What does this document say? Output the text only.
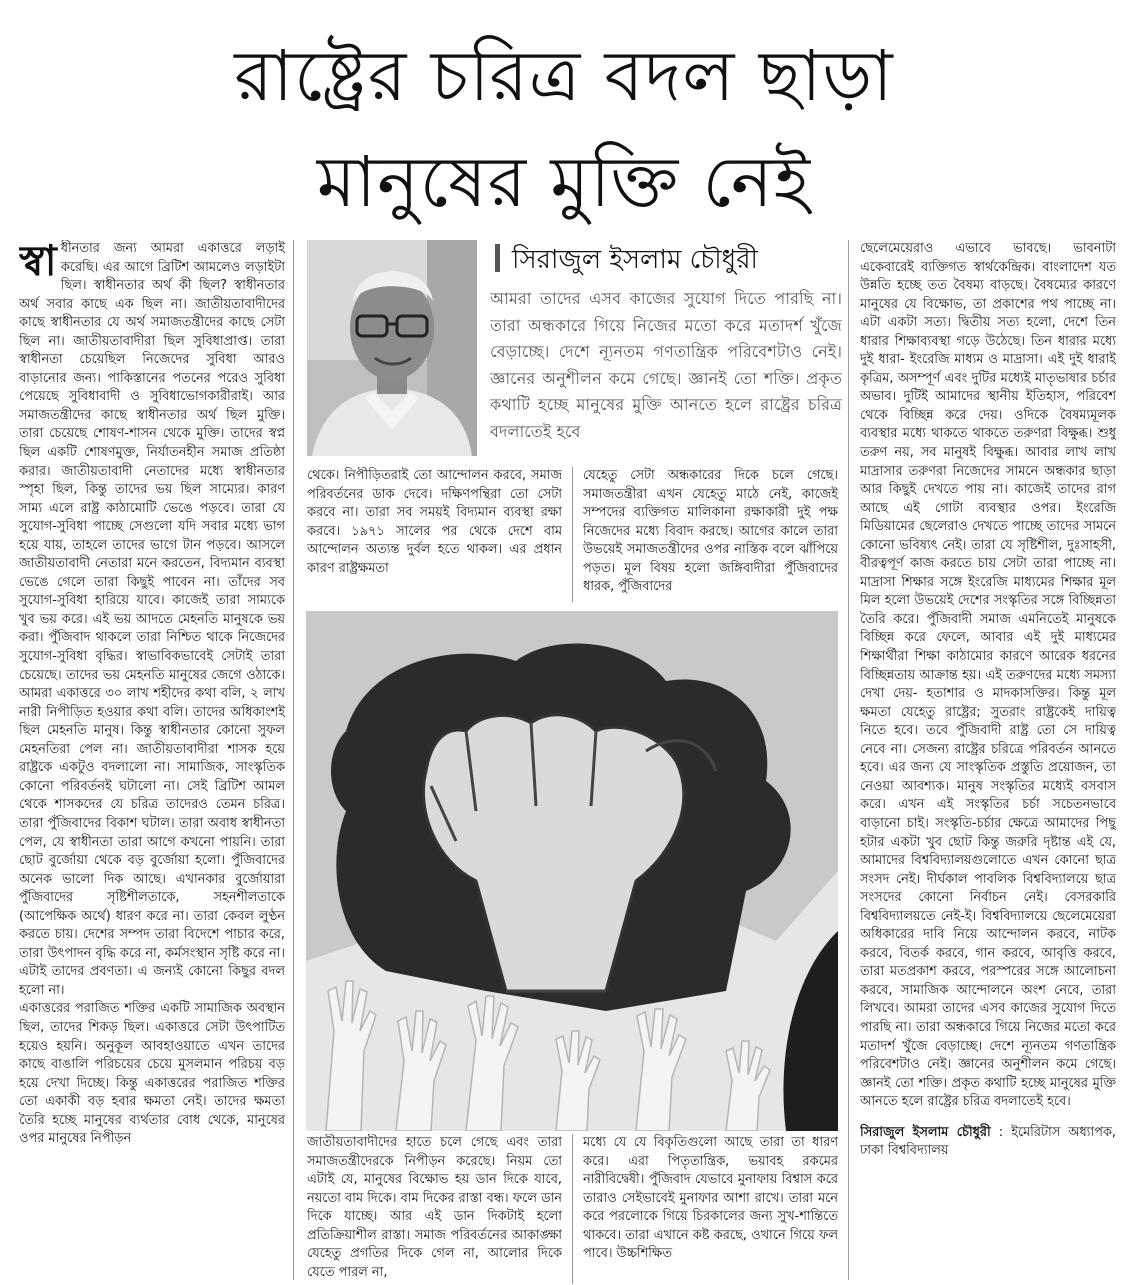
রাষ্ট্রের চরিত্র বদল ছাড়া
মানুষের মুক্তি নেই

স্বা ধীনতার জন্য আমরা একাত্তরে লড়াই করেছি। এর আগে ব্রিটিশ আমলেও লড়াইটা ছিল। স্বাধীনতার অর্থ কী ছিল? স্বাধীনতার অর্থ সবার কাছে এক ছিল না। জাতীয়তাবাদীদের কাছে স্বাধীনতার যে অর্থ সমাজতন্ত্রীদের কাছে সেটা ছিল না। জাতীয়তাবাদীরা ছিল সুবিধাপ্রাপ্ত। তারা স্বাধীনতা চেয়েছিল নিজেদের সুবিধা আরও বাড়ানোর জন্য। পাকিস্তানের পতনের পরেও সুবিধা পেয়েছে সুবিধাবাদী ও সুবিধাভোগকারীরাই। আর সমাজতন্ত্রীদের কাছে স্বাধীনতার অর্থ ছিল মুক্তি। তারা চেয়েছে শোষণ-শাসন থেকে মুক্তি। তাদের স্বপ্ন ছিল একটি শোষণমুক্ত, নির্যাতনহীন সমাজ প্রতিষ্ঠা করার। জাতীয়তাবাদী নেতাদের মধ্যে স্বাধীনতার স্পৃহা ছিল, কিন্তু তাদের ভয় ছিল সাম্যের। কারণ সাম্য এলে রাষ্ট্র কাঠামোটি ভেঙে পড়বে। তারা যে সুযোগ-সুবিধা পাচ্ছে সেগুলো যদি সবার মধ্যে ভাগ হয়ে যায়, তাহলে তাদের ভাগে টান পড়বে। আসলে জাতীয়তাবাদী নেতারা মনে করতেন, বিদ্যমান ব্যবস্থা ভেঙে গেলে তারা কিছুই পাবেন না। তাঁদের সব সুযোগ-সুবিধা হারিয়ে যাবে। কাজেই তারা সাম্যকে খুব ভয় করে। এই ভয় আদতে মেহনতি মানুষকে ভয় করা। পুঁজিবাদ থাকলে তারা নিশ্চিত থাকে নিজেদের সুযোগ-সুবিধা বৃদ্ধির। স্বাভাবিকভাবেই সেটাই তারা চেয়েছে। তাদের ভয় মেহনতি মানুষের জেগে ওঠাকে। আমরা একাত্তরে ৩০ লাখ শহীদের কথা বলি, ২ লাখ নারী নিপীড়িত হওয়ার কথা বলি। তাদের অধিকাংশই ছিল মেহনতি মানুষ। কিন্তু স্বাধীনতার কোনো সুফল মেহনতিরা পেল না। জাতীয়তাবাদীরা শাসক হয়ে রাষ্ট্রকে একটুও বদলালো না। সামাজিক, সাংস্কৃতিক কোনো পরিবর্তনই ঘটালো না। সেই ব্রিটিশ আমল থেকে শাসকদের যে চরিত্র তাদেরও তেমন চরিত্র। তারা পুঁজিবাদের বিকাশ ঘটাল। তারা অবাধ স্বাধীনতা পেল, যে স্বাধীনতা তারা আগে কখনো পায়নি। তারা ছোট বুর্জোয়া থেকে বড় বুর্জোয়া হলো। পুঁজিবাদের অনেক ভালো দিক আছে। এখানকার বুর্জোয়ারা পুঁজিবাদের সৃষ্টিশীলতাকে, সহনশীলতাকে (আপেক্ষিক অর্থে) ধারণ করে না। তারা কেবল লুণ্ঠন করতে চায়। দেশের সম্পদ তারা বিদেশে পাচার করে, তারা উৎপাদন বৃদ্ধি করে না, কর্মসংস্থান সৃষ্টি করে না। এটাই তাদের প্রবণতা। এ জন্যই কোনো কিছুর বদল হলো না।

একাত্তরের পরাজিত শক্তির একটি সামাজিক অবস্থান ছিল, তাদের শিকড় ছিল। একাত্তরে সেটা উৎপাটিত হয়েও হয়নি। অনুকূল আবহাওয়াতে এখন তাদের কাছে বাঙালি পরিচয়ের চেয়ে মুসলমান পরিচয় বড় হয়ে দেখা দিচ্ছে। কিন্তু একাত্তরের পরাজিত শক্তির তো একাকী বড় হবার ক্ষমতা নেই। তাদের ক্ষমতা তৈরি হচ্ছে মানুষের ব্যর্থতার বোধ থেকে, মানুষের ওপর মানুষের নিপীড়ন

সিরাজুল ইসলাম চৌধুরী
আমরা তাদের এসব কাজের সুযোগ দিতে পারছি না। তারা অন্ধকারে গিয়ে নিজের মতো করে মতাদর্শ খুঁজে বেড়াচ্ছে। দেশে ন্যূনতম গণতান্ত্রিক পরিবেশটাও নেই। জ্ঞানের অনুশীলন কমে গেছে। জ্ঞানই তো শক্তি। প্রকৃত কথাটি হচ্ছে মানুষের মুক্তি আনতে হলে রাষ্ট্রের চরিত্র বদলাতেই হবে
থেকে। নিপীড়িতরাই তো আন্দোলন করবে, সমাজ পরিবর্তনের ডাক দেবে। দক্ষিণপন্থিরা তো সেটা করবে না। তারা সব সময়ই বিদ্যমান ব্যবস্থা রক্ষা করবে। ১৯৭১ সালের পর থেকে দেশে বাম আন্দোলন অত্যন্ত দুর্বল হতে থাকল। এর প্রধান কারণ রাষ্ট্রক্ষমতা
জাতীয়তাবাদীদের হাতে চলে গেছে এবং তারা সমাজতন্ত্রীদেরকে নিপীড়ন করেছে। নিয়ম তো এটাই যে, মানুষের বিক্ষোভ হয় ডান দিকে যাবে, নয়তো বাম দিকে। বাম দিকের রাস্তা বন্ধ। ফলে ডান দিকে যাচ্ছে। আর এই ডান দিকটাই হলো প্রতিক্রিয়াশীল রাস্তা। সমাজ পরিবর্তনের আকাঙ্ক্ষা যেহেতু প্রগতির দিকে গেল না, আলোর দিকে যেতে পারল না,
যেহেতু সেটা অন্ধকারের দিকে চলে গেছে। সমাজতন্ত্রীরা এখন যেহেতু মাঠে নেই, কাজেই সম্পদের ব্যক্তিগত মালিকানা রক্ষাকারী দুই পক্ষ নিজেদের মধ্যে বিবাদ করছে। আগের কালে তারা উভয়েই সমাজতন্ত্রীদের ওপর নাস্তিক বলে ঝাঁপিয়ে পড়ত। মূল বিষয় হলো জঙ্গিবাদীরা পুঁজিবাদের ধারক, পুঁজিবাদের
মধ্যে যে যে বিকৃতিগুলো আছে তারা তা ধারণ করে। এরা পিতৃতান্ত্রিক, ভয়াবহ রকমের নারীবিদ্বেষী। পুঁজিবাদ যেভাবে মুনাফায় বিশ্বাস করে তারাও সেইভাবেই মুনাফার আশা রাখে। তারা মনে করে পরলোকে গিয়ে চিরকালের জন্য সুখ-শান্তিতে থাকবে। তারা এখানে কষ্ট করছে, ওখানে গিয়ে ফল পাবে। উচ্চশিক্ষিত

ছেলেমেয়েরাও এভাবে ভাবছে। ভাবনাটা একেবারেই ব্যক্তিগত স্বার্থকেন্দ্রিক। বাংলাদেশ যত উন্নতি হচ্ছে তত বৈষম্য বাড়ছে। বৈষম্যের কারণে মানুষের যে বিক্ষোভ, তা প্রকাশের পথ পাচ্ছে না। এটা একটা সত্য। দ্বিতীয় সত্য হলো, দেশে তিন ধারার শিক্ষাব্যবস্থা গড়ে উঠেছে। তিন ধারার মধ্যে দুই ধারা- ইংরেজি মাধ্যম ও মাদ্রাসা। এই দুই ধারাই কৃত্রিম, অসম্পূর্ণ এবং দুটির মধ্যেই মাতৃভাষার চর্চার অভাব। দুটিই আমাদের স্থানীয় ইতিহাস, পরিবেশ থেকে বিচ্ছিন্ন করে দেয়। ওদিকে বৈষম্যমূলক ব্যবস্থার মধ্যে থাকতে থাকতে তরুণরা বিক্ষুব্ধ। শুধু তরুণ নয়, সব মানুষই বিক্ষুব্ধ। আবার লাখ লাখ মাদ্রাসার তরুণরা নিজেদের সামনে অন্ধকার ছাড়া আর কিছুই দেখতে পায় না। কাজেই তাদের রাগ আছে এই গোটা ব্যবস্থার ওপর। ইংরেজি মিডিয়ামের ছেলেরাও দেখতে পাচ্ছে তাদের সামনে কোনো ভবিষ্যৎ নেই। তারা যে সৃষ্টিশীল, দুঃসাহসী, বীরত্বপূর্ণ কাজ করতে চায় সেটা তারা পাচ্ছে না। মাদ্রাসা শিক্ষার সঙ্গে ইংরেজি মাধ্যমের শিক্ষার মূল মিল হলো উভয়েই দেশের সংস্কৃতির সঙ্গে বিচ্ছিন্নতা তৈরি করে। পুঁজিবাদী সমাজ এমনিতেই মানুষকে বিচ্ছিন্ন করে ফেলে, আবার এই দুই মাধ্যমের শিক্ষার্থীরা শিক্ষা কাঠামোর কারণে আরেক ধরনের বিচ্ছিন্নতায় আক্রান্ত হয়। এই তরুণদের মধ্যে সমস্যা দেখা দেয়- হতাশার ও মাদকাসক্তির। কিন্তু মূল ক্ষমতা যেহেতু রাষ্ট্রের; সুতরাং রাষ্ট্রকেই দায়িত্ব নিতে হবে। তবে পুঁজিবাদী রাষ্ট্র তো সে দায়িত্ব নেবে না। সেজন্য রাষ্ট্রের চরিত্রে পরিবর্তন আনতে হবে। এর জন্য যে সাংস্কৃতিক প্রস্তুতি প্রয়োজন, তা নেওয়া আবশ্যক। মানুষ সংস্কৃতির মধ্যেই বসবাস করে। এখন এই সংস্কৃতির চর্চা সচেতনভাবে বাড়ানো চাই। সংস্কৃতি-চর্চার ক্ষেত্রে আমাদের পিছু হটার একটা খুব ছোট কিন্তু জরুরি দৃষ্টান্ত এই যে, আমাদের বিশ্ববিদ্যালয়গুলোতে এখন কোনো ছাত্র সংসদ নেই। দীর্ঘকাল পাবলিক বিশ্ববিদ্যালয়ে ছাত্র সংসদের কোনো নির্বাচন নেই। বেসরকারি বিশ্ববিদ্যালয়তে নেই-ই। বিশ্ববিদ্যালয়ে ছেলেমেয়েরা অধিকারের দাবি নিয়ে আন্দোলন করবে, নাটক করবে, বিতর্ক করবে, গান করবে, আবৃত্তি করবে, তারা মতপ্রকাশ করবে, পরস্পরের সঙ্গে আলোচনা করবে, সামাজিক আন্দোলনে অংশ নেবে, তারা লিখবে। আমরা তাদের এসব কাজের সুযোগ দিতে পারছি না। তারা অন্ধকারে গিয়ে নিজের মতো করে মতাদর্শ খুঁজে বেড়াচ্ছে। দেশে ন্যূনতম গণতান্ত্রিক পরিবেশটাও নেই। জ্ঞানের অনুশীলন কমে গেছে। জ্ঞানই তো শক্তি। প্রকৃত কথাটি হচ্ছে মানুষের মুক্তি আনতে হলে রাষ্ট্রের চরিত্র বদলাতেই হবে।

সিরাজুল ইসলাম চৌধুরী : ইমেরিটাস অধ্যাপক, ঢাকা বিশ্ববিদ্যালয়
